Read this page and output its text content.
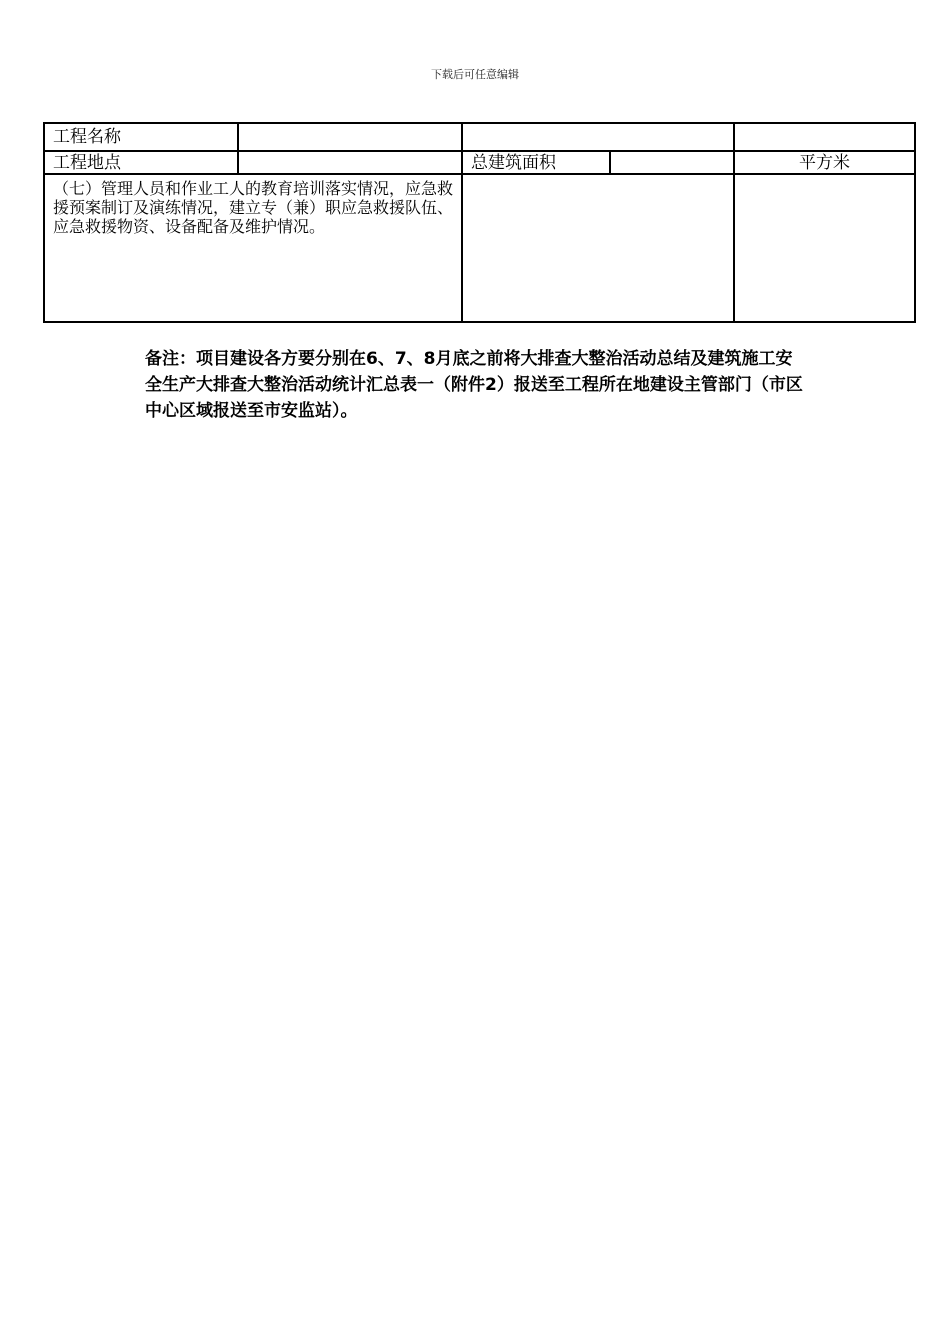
下载后可任意编辑
工程名称				
工程地点		总建筑面积		平方米

（七）管理人员和作业工人的教育培训落实情况，应急救援预案制订及演练情况，建立专（兼）职应急救援队伍、应急救援物资、设备配备及维护情况。				

备注：项目建设各方要分别在6、7、8月底之前将大排查大整治活动总结及建筑施工安全生产大排查大整治活动统计汇总表一（附件2）报送至工程所在地建设主管部门（市区中心区域报送至市安监站）。
